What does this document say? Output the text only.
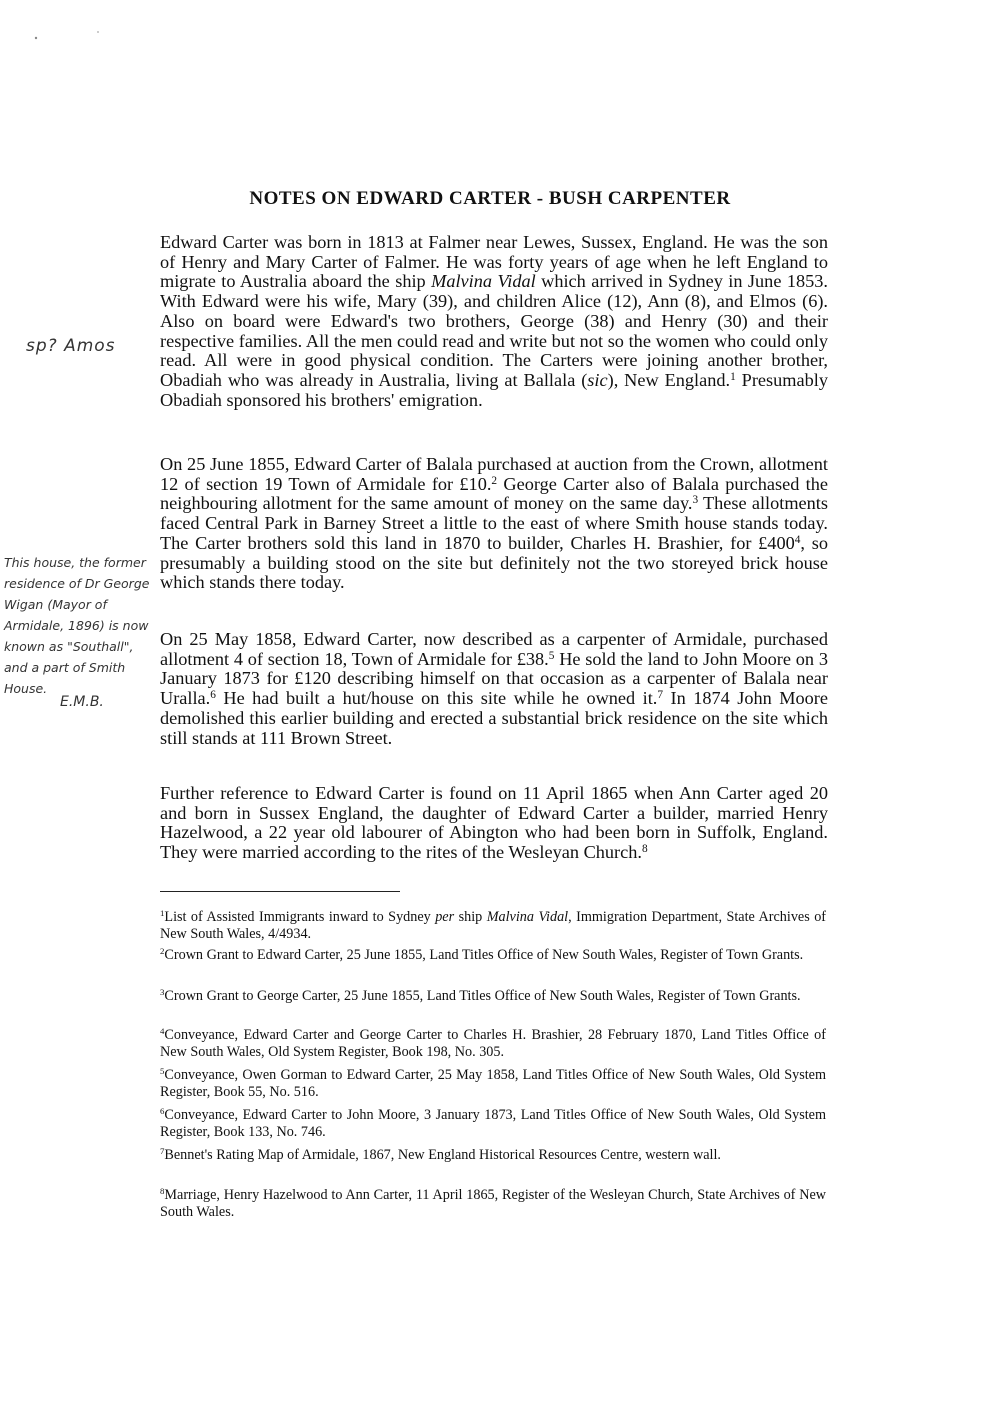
NOTES ON EDWARD CARTER - BUSH CARPENTER

Edward Carter was born in 1813 at Falmer near Lewes, Sussex, England. He was the son of Henry and Mary Carter of Falmer. He was forty years of age when he left England to migrate to Australia aboard the ship Malvina Vidal which arrived in Sydney in June 1853. With Edward were his wife, Mary (39), and children Alice (12), Ann (8), and Elmos (6). Also on board were Edward's two brothers, George (38) and Henry (30) and their respective families. All the men could read and write but not so the women who could only read. All were in good physical condition. The Carters were joining another brother, Obadiah who was already in Australia, living at Ballala (sic), New England.$^1$ Presumably Obadiah sponsored his brothers' emigration.

On 25 June 1855, Edward Carter of Balala purchased at auction from the Crown, allotment 12 of section 19 Town of Armidale for £10.$^2$ George Carter also of Balala purchased the neighbouring allotment for the same amount of money on the same day.$^3$ These allotments faced Central Park in Barney Street a little to the east of where Smith house stands today. The Carter brothers sold this land in 1870 to builder, Charles H. Brashier, for $£400^4$, so presumably a building stood on the site but definitely not the two storeyed brick house which stands there today.

On 25 May 1858, Edward Carter, now described as a carpenter of Armidale, purchased allotment 4 of section 18, Town of Armidale for £38.$^5$ He sold the land to John Moore on 3 January 1873 for £120 describing himself on that occasion as a carpenter of Balala near Uralla.$^6$ He had built a hut/house on this site while he owned it.$^7$ In 1874 John Moore demolished this earlier building and erected a substantial brick residence on the site which still stands at 111 Brown Street.

Further reference to Edward Carter is found on 11 April 1865 when Ann Carter aged 20 and born in Sussex England, the daughter of Edward Carter a builder, married Henry Hazelwood, a 22 year old labourer of Abington who had been born in Suffolk, England. They were married according to the rites of the Wesleyan Church.$^8$

$^1$List of Assisted Immigrants inward to Sydney per ship Malvina Vidal, Immigration Department, State Archives of New South Wales, 4/4934.

$^2$Crown Grant to Edward Carter, 25 June 1855, Land Titles Office of New South Wales, Register of Town Grants.

$^3$Crown Grant to George Carter, 25 June 1855, Land Titles Office of New South Wales, Register of Town Grants.

$^4$Conveyance, Edward Carter and George Carter to Charles H. Brashier, 28 February 1870, Land Titles Office of New South Wales, Old System Register, Book 198, No. 305.

$^5$Conveyance, Owen Gorman to Edward Carter, 25 May 1858, Land Titles Office of New South Wales, Old System Register, Book 55, No. 516.

$^6$Conveyance, Edward Carter to John Moore, 3 January 1873, Land Titles Office of New South Wales, Old System Register, Book 133, No. 746.

$^7$Bennet's Rating Map of Armidale, 1867, New England Historical Resources Centre, western wall.

$^8$Marriage, Henry Hazelwood to Ann Carter, 11 April 1865, Register of the Wesleyan Church, State Archives of New South Wales.

sp? Amos
This house, the former residence of Dr George Wigan (Mayor of Armidale, 1896) is now known as "Southall", and a part of Smith House.
E.M.B.
